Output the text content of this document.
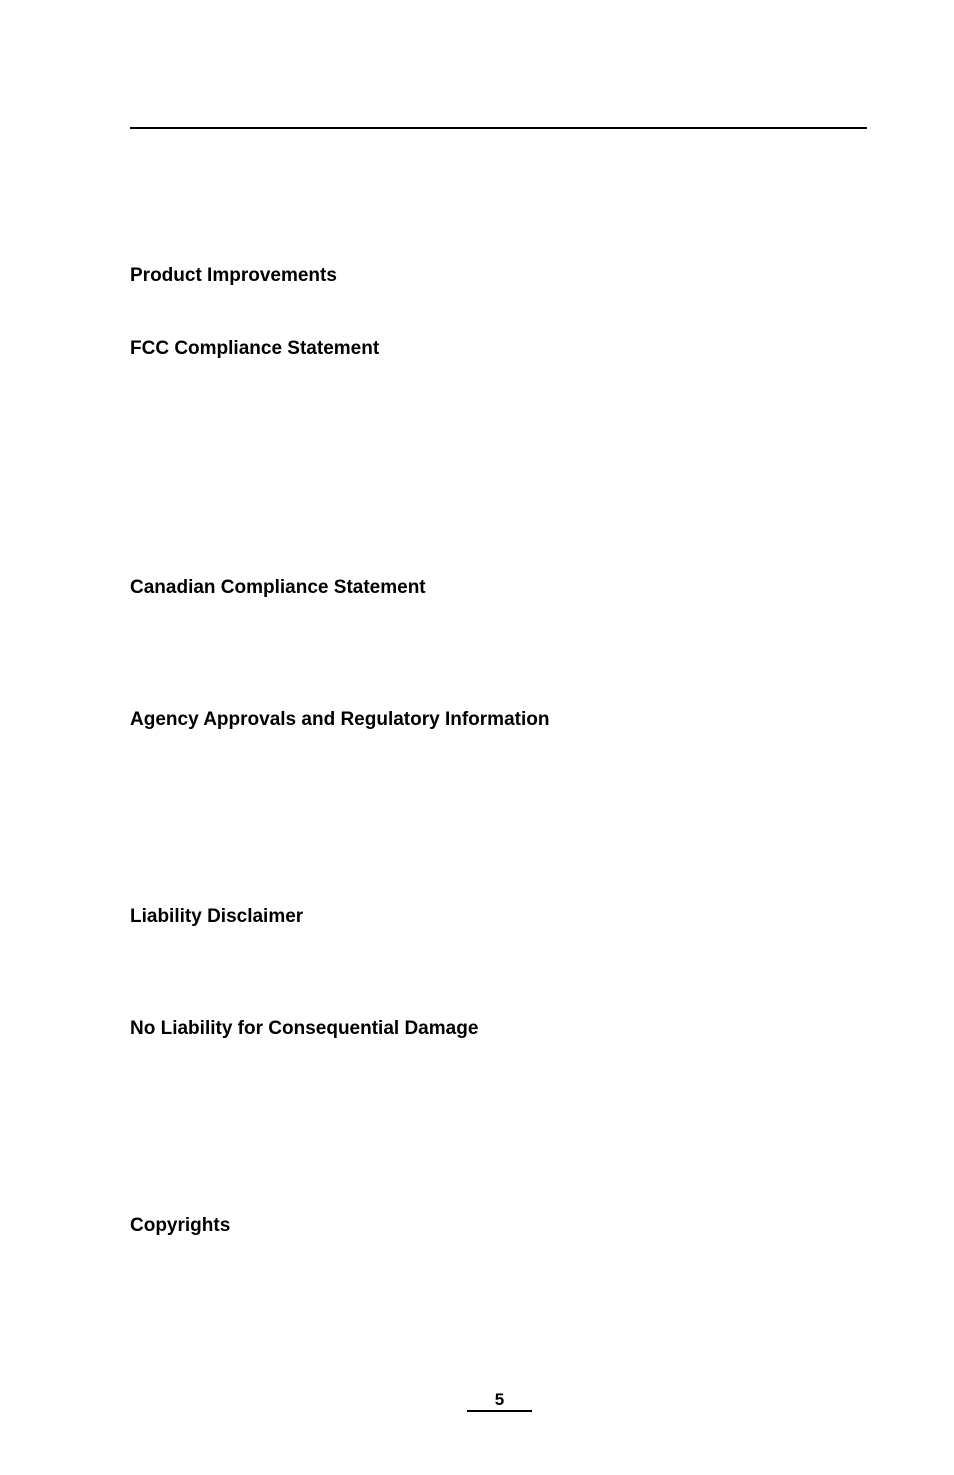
Product Improvements
FCC Compliance Statement
Canadian Compliance Statement
Agency Approvals and Regulatory Information
Liability Disclaimer
No Liability for Consequential Damage
Copyrights
5
